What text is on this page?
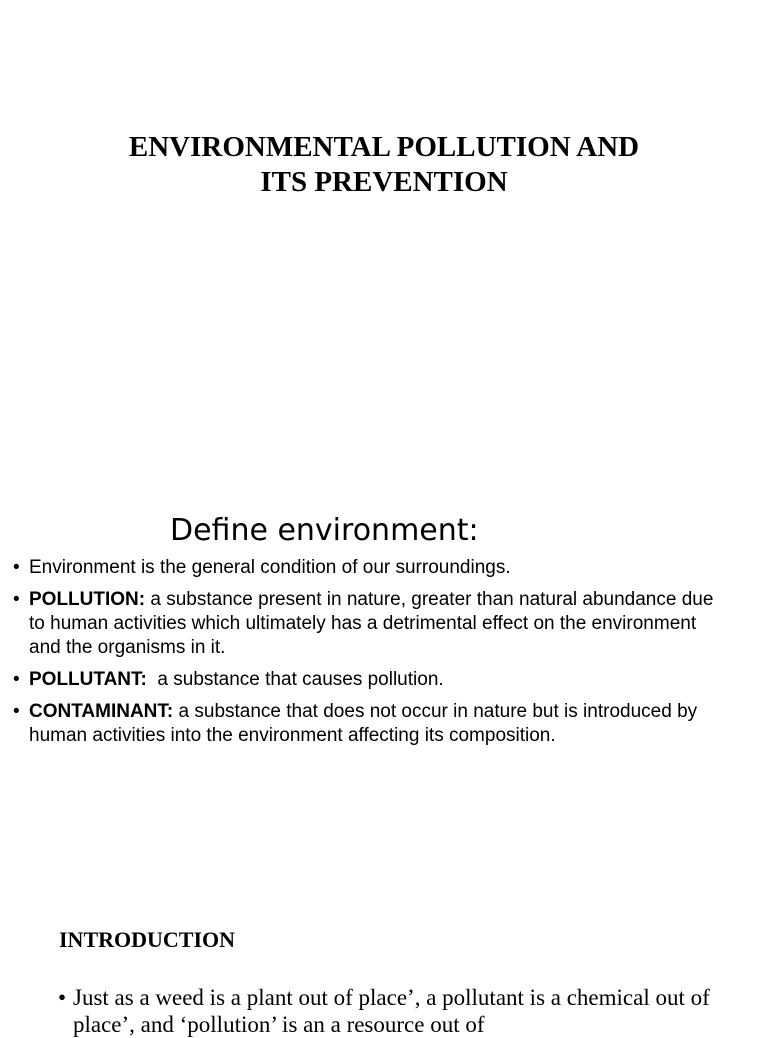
ENVIRONMENTAL POLLUTION AND
ITS PREVENTION
Define environment:
• Environment is the general condition of our surroundings.
• POLLUTION: a substance present in nature, greater than natural abundance due to human activities which ultimately has a detrimental effect on the environment and the organisms in it.
• POLLUTANT:  a substance that causes pollution.
• CONTAMINANT: a substance that does not occur in nature but is introduced by human activities into the environment affecting its composition.
INTRODUCTION

• Just as a weed is a plant out of place’, a pollutant is a chemical out of place’, and ‘pollution’ is an a resource out of
